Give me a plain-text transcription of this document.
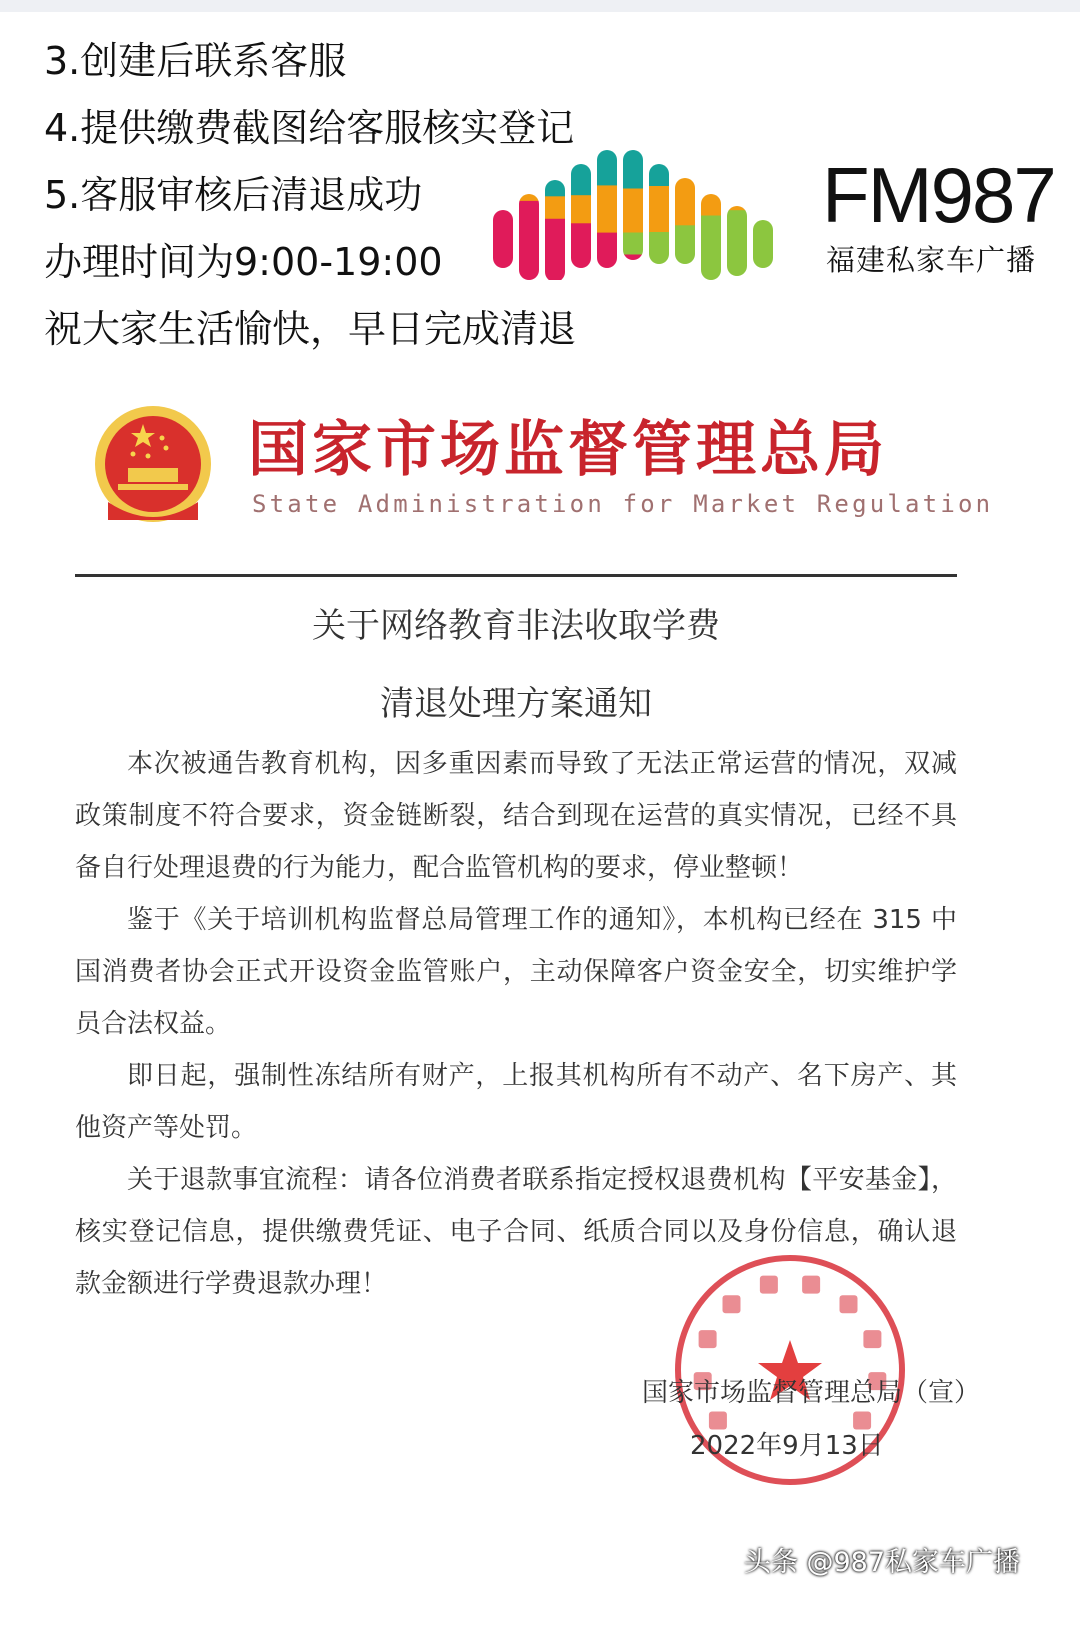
3.创建后联系客服
4.提供缴费截图给客服核实登记
5.客服审核后清退成功
办理时间为9:00-19:00
祝大家生活愉快，早日完成清退
FM987
福建私家车广播
国家市场监督管理总局
State Administration for Market Regulation
关于网络教育非法收取学费
清退处理方案通知

本次被通告教育机构，因多重因素而导致了无法正常运营的情况，双减政策制度不符合要求，资金链断裂，结合到现在运营的真实情况，已经不具备自行处理退费的行为能力，配合监管机构的要求，停业整顿！

鉴于《关于培训机构监督总局管理工作的通知》，本机构已经在 315 中国消费者协会正式开设资金监管账户，主动保障客户资金安全，切实维护学员合法权益。

即日起，强制性冻结所有财产，上报其机构所有不动产、名下房产、其他资产等处罚。

关于退款事宜流程：请各位消费者联系指定授权退费机构【平安基金】，核实登记信息，提供缴费凭证、电子合同、纸质合同以及身份信息，确认退款金额进行学费退款办理！

国家市场监督管理总局（宣）
2022年9月13日
头条 @987私家车广播
